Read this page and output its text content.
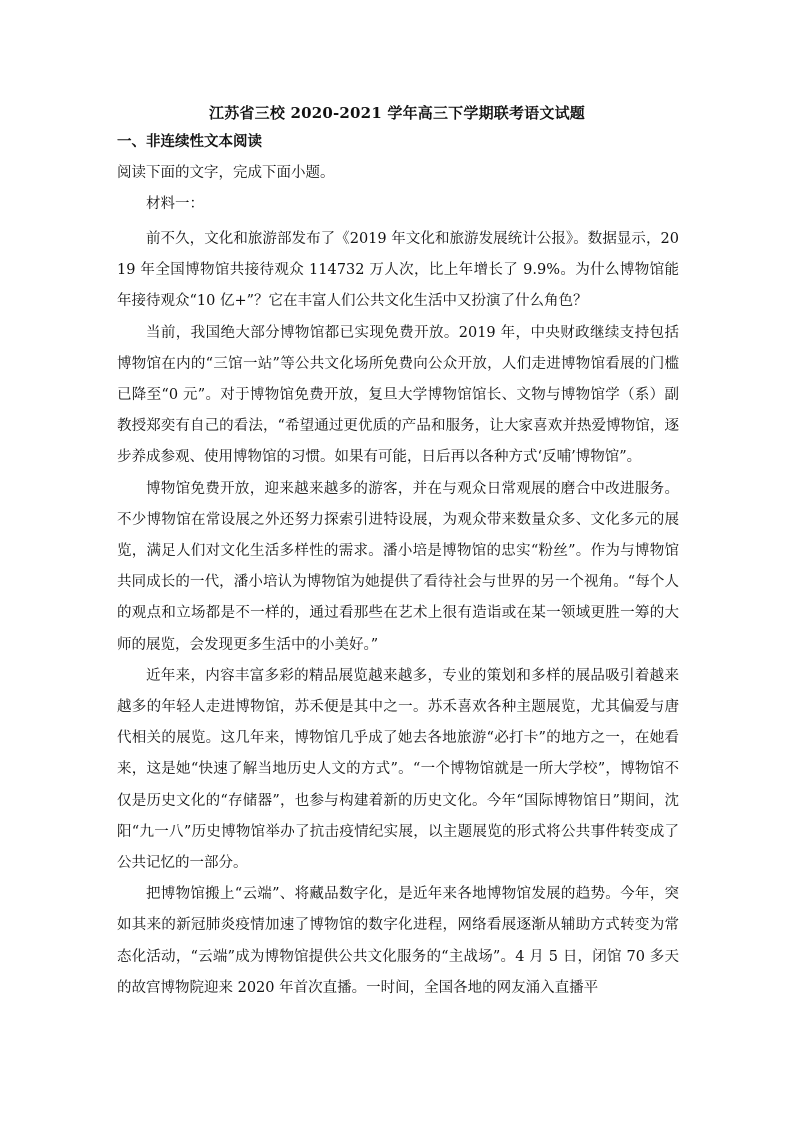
江苏省三校 2020-2021 学年高三下学期联考语文试题
一、非连续性文本阅读
阅读下面的文字，完成下面小题。
材料一：

前不久，文化和旅游部发布了《2019 年文化和旅游发展统计公报》。数据显示，2019 年全国博物馆共接待观众 114732 万人次，比上年增长了 9.9%。为什么博物馆能年接待观众“10 亿+”？它在丰富人们公共文化生活中又扮演了什么角色？

当前，我国绝大部分博物馆都已实现免费开放。2019 年，中央财政继续支持包括博物馆在内的“三馆一站”等公共文化场所免费向公众开放，人们走进博物馆看展的门槛已降至“0 元”。对于博物馆免费开放，复旦大学博物馆馆长、文物与博物馆学（系）副教授郑奕有自己的看法，“希望通过更优质的产品和服务，让大家喜欢并热爱博物馆，逐步养成参观、使用博物馆的习惯。如果有可能，日后再以各种方式‘反哺’博物馆”。

博物馆免费开放，迎来越来越多的游客，并在与观众日常观展的磨合中改进服务。不少博物馆在常设展之外还努力探索引进特设展，为观众带来数量众多、文化多元的展览，满足人们对文化生活多样性的需求。潘小培是博物馆的忠实“粉丝”。作为与博物馆共同成长的一代，潘小培认为博物馆为她提供了看待社会与世界的另一个视角。“每个人的观点和立场都是不一样的，通过看那些在艺术上很有造诣或在某一领域更胜一筹的大师的展览，会发现更多生活中的小美好。”

近年来，内容丰富多彩的精品展览越来越多，专业的策划和多样的展品吸引着越来越多的年轻人走进博物馆，苏禾便是其中之一。苏禾喜欢各种主题展览，尤其偏爱与唐代相关的展览。这几年来，博物馆几乎成了她去各地旅游“必打卡”的地方之一，在她看来，这是她“快速了解当地历史人文的方式”。“一个博物馆就是一所大学校”，博物馆不仅是历史文化的“存储器”，也参与构建着新的历史文化。今年“国际博物馆日”期间，沈阳“九一八”历史博物馆举办了抗击疫情纪实展，以主题展览的形式将公共事件转变成了公共记忆的一部分。

把博物馆搬上“云端”、将藏品数字化，是近年来各地博物馆发展的趋势。今年，突如其来的新冠肺炎疫情加速了博物馆的数字化进程，网络看展逐渐从辅助方式转变为常态化活动，“云端”成为博物馆提供公共文化服务的“主战场”。4 月 5 日，闭馆 70 多天的故宫博物院迎来 2020 年首次直播。一时间，全国各地的网友涌入直播平
